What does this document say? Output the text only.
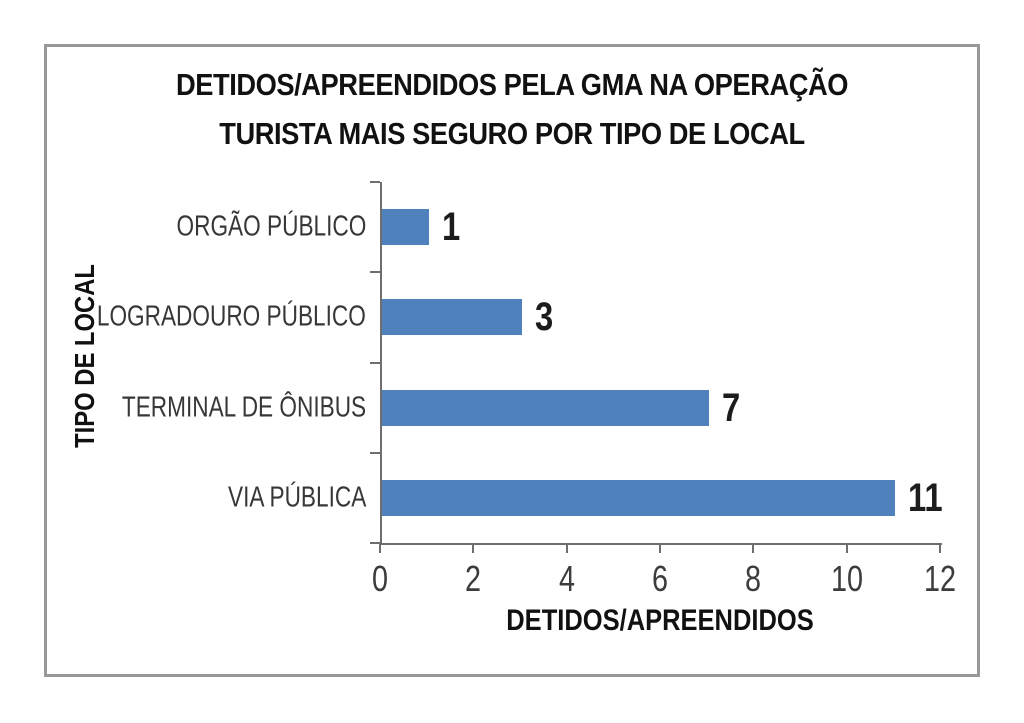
DETIDOS/APREENDIDOS PELA GMA NA OPERAÇÃO
TURISTA MAIS SEGURO POR TIPO DE LOCAL
TIPO DE LOCAL
ORGÃO PÚBLICO
LOGRADOURO PÚBLICO
TERMINAL DE ÔNIBUS
VIA PÚBLICA
1
3
7
11
DETIDOS/APREENDIDOS
0 2 4 6 8 10 12
